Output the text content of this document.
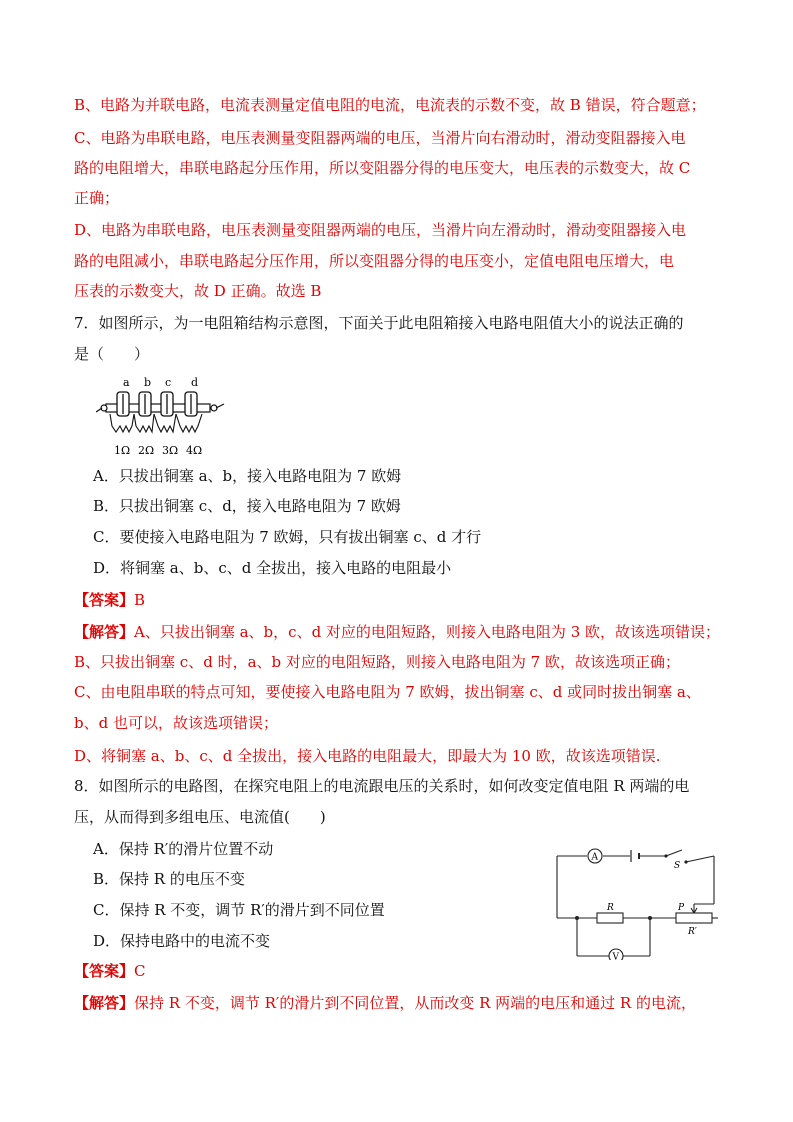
B、电路为并联电路，电流表测量定值电阻的电流，电流表的示数不变，故 B 错误，符合题意；
C、电路为串联电路，电压表测量变阻器两端的电压，当滑片向右滑动时，滑动变阻器接入电
路的电阻增大，串联电路起分压作用，所以变阻器分得的电压变大，电压表的示数变大，故 C
正确；
D、电路为串联电路，电压表测量变阻器两端的电压，当滑片向左滑动时，滑动变阻器接入电
路的电阻减小，串联电路起分压作用，所以变阻器分得的电压变小，定值电阻电压增大，电
压表的示数变大，故 D 正确。故选 B
7．如图所示，为一电阻箱结构示意图，下面关于此电阻箱接入电路电阻值大小的说法正确的
是（　　）
a b c d
1Ω 2Ω 3Ω 4Ω
A．只拔出铜塞 a、b，接入电路电阻为 7 欧姆
B．只拔出铜塞 c、d，接入电路电阻为 7 欧姆
C．要使接入电路电阻为 7 欧姆，只有拔出铜塞 c、d 才行
D．将铜塞 a、b、c、d 全拔出，接入电路的电阻最小
【答案】B
【解答】A、只拔出铜塞 a、b，c、d 对应的电阻短路，则接入电路电阻为 3 欧，故该选项错误；
B、只拔出铜塞 c、d 时，a、b 对应的电阻短路，则接入电路电阻为 7 欧，故该选项正确；
C、由电阻串联的特点可知，要使接入电路电阻为 7 欧姆，拔出铜塞 c、d 或同时拔出铜塞 a、
b、d 也可以，故该选项错误；
D、将铜塞 a、b、c、d 全拔出，接入电路的电阻最大，即最大为 10 欧，故该选项错误.
8．如图所示的电路图，在探究电阻上的电流跟电压的关系时，如何改变定值电阻 R 两端的电
压，从而得到多组电压、电流值(　　)
A．保持 R′的滑片位置不动
B．保持 R 的电压不变
C．保持 R 不变，调节 R′的滑片到不同位置
D．保持电路中的电流不变
A
S
R	P
R′
V
【答案】C
【解答】保持 R 不变，调节 R′的滑片到不同位置，从而改变 R 两端的电压和通过 R 的电流，
